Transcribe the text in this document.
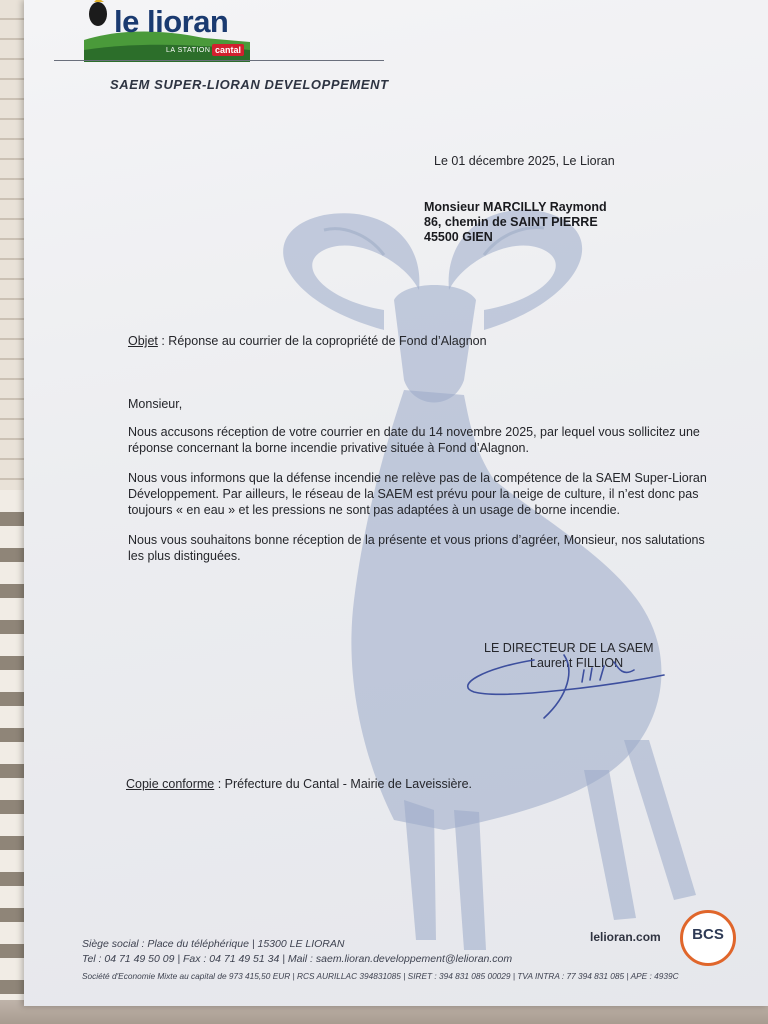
le lioran
LA STATION cantal
SAEM SUPER-LIORAN DEVELOPPEMENT
Le 01 décembre 2025, Le Lioran
Monsieur MARCILLY Raymond
86, chemin de SAINT PIERRE
45500 GIEN
Objet : Réponse au courrier de la copropriété de Fond d’Alagnon
Monsieur,
Nous accusons réception de votre courrier en date du 14 novembre 2025, par lequel vous sollicitez une réponse concernant la borne incendie privative située à Fond d’Alagnon.
Nous vous informons que la défense incendie ne relève pas de la compétence de la SAEM Super-Lioran Développement. Par ailleurs, le réseau de la SAEM est prévu pour la neige de culture, il n’est donc pas toujours « en eau » et les pressions ne sont pas adaptées à un usage de borne incendie.
Nous vous souhaitons bonne réception de la présente et vous prions d’agréer, Monsieur, nos salutations les plus distinguées.
LE DIRECTEUR DE LA SAEM
Laurent FILLION
Copie conforme : Préfecture du Cantal - Mairie de Laveissière.
Siège social : Place du téléphérique | 15300 LE LIORAN
Tel : 04 71 49 50 09 | Fax : 04 71 49 51 34 | Mail : saem.lioran.developpement@lelioran.com
Société d'Economie Mixte au capital de 973 415,50 EUR | RCS AURILLAC 394831085 | SIRET : 394 831 085 00029 | TVA INTRA : 77 394 831 085 | APE : 4939C
lelioran.com	BCS
